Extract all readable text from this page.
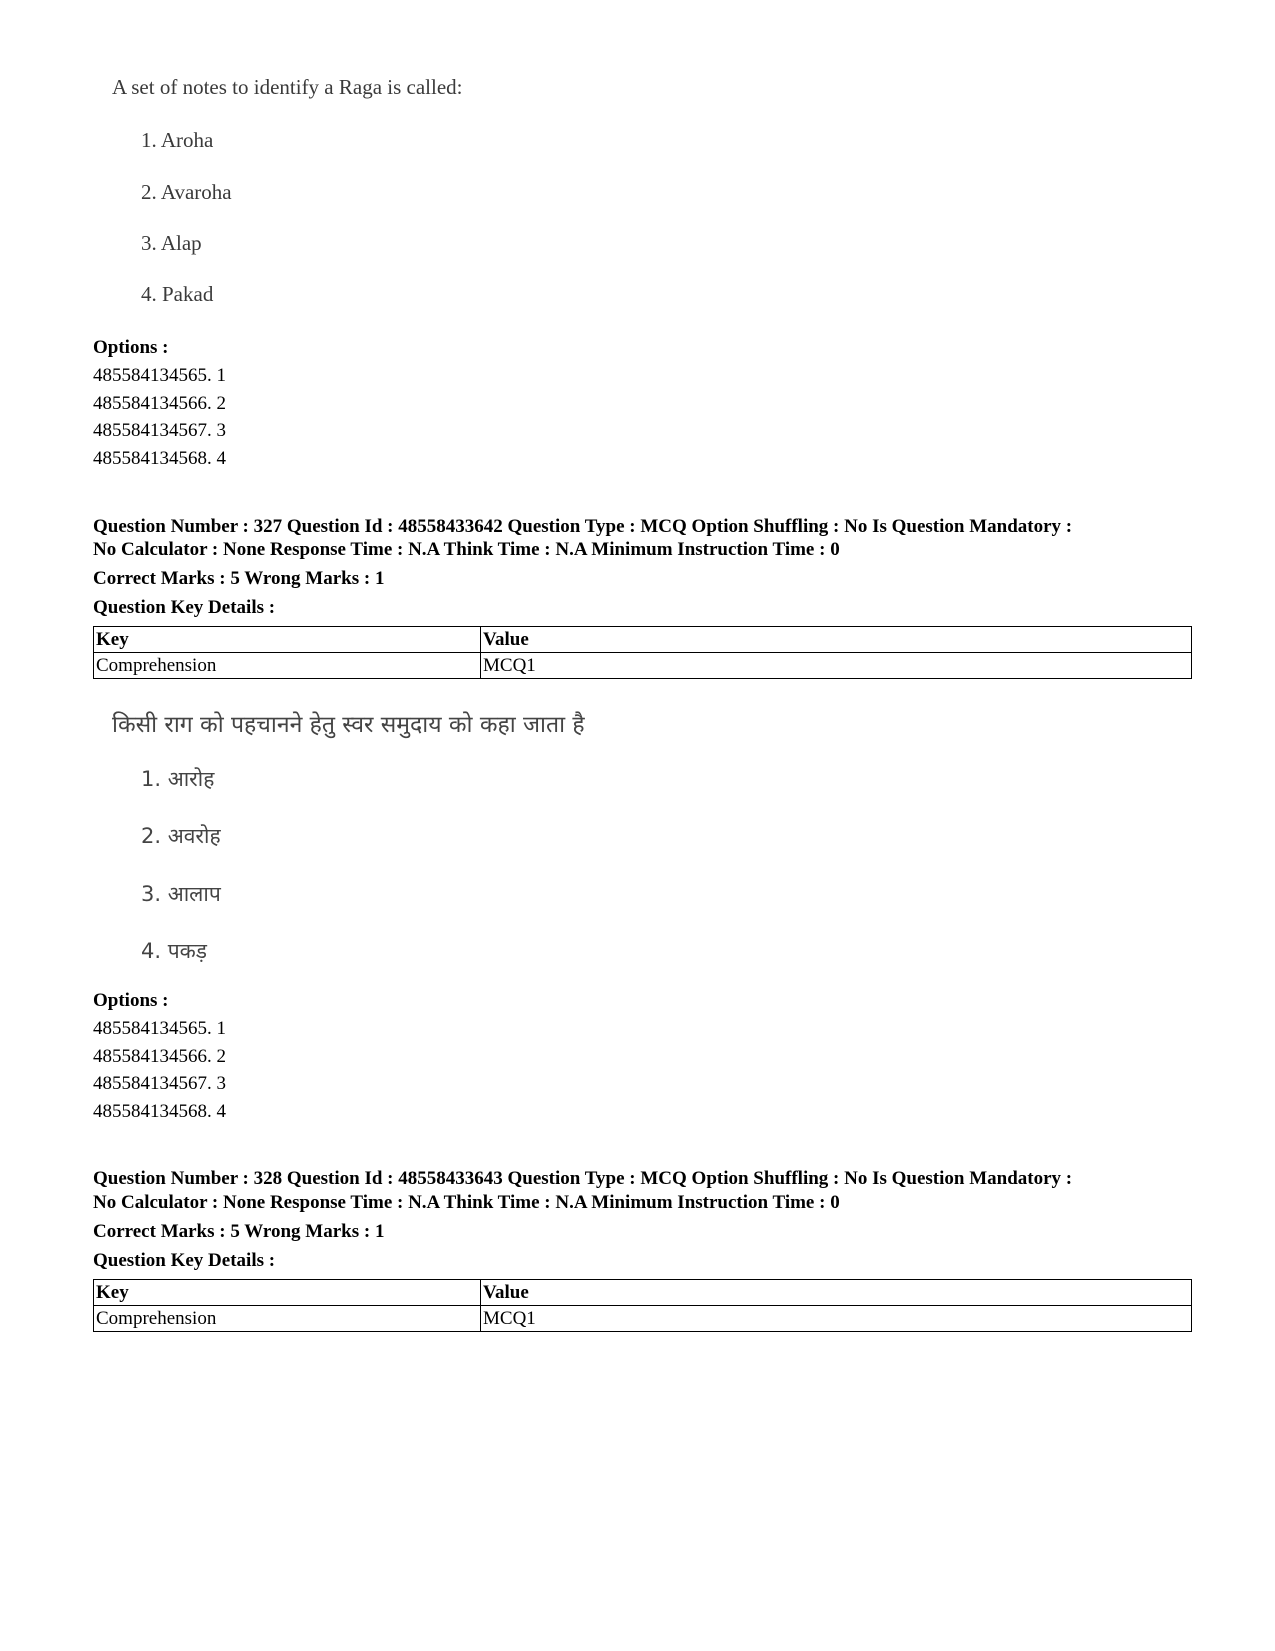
A set of notes to identify a Raga is called:
1. Aroha
2. Avaroha
3. Alap
4. Pakad
Options :
485584134565. 1
485584134566. 2
485584134567. 3
485584134568. 4
Question Number : 327 Question Id : 48558433642 Question Type : MCQ Option Shuffling : No Is Question Mandatory :
No Calculator : None Response Time : N.A Think Time : N.A Minimum Instruction Time : 0
Correct Marks : 5 Wrong Marks : 1
Question Key Details :
Key	Value
Comprehension	MCQ1
किसी राग को पहचानने हेतु स्वर समुदाय को कहा जाता है
1. आरोह
2. अवरोह
3. आलाप
4. पकड़
Options :
485584134565. 1
485584134566. 2
485584134567. 3
485584134568. 4
Question Number : 328 Question Id : 48558433643 Question Type : MCQ Option Shuffling : No Is Question Mandatory :
No Calculator : None Response Time : N.A Think Time : N.A Minimum Instruction Time : 0
Correct Marks : 5 Wrong Marks : 1
Question Key Details :
Key	Value
Comprehension	MCQ1
